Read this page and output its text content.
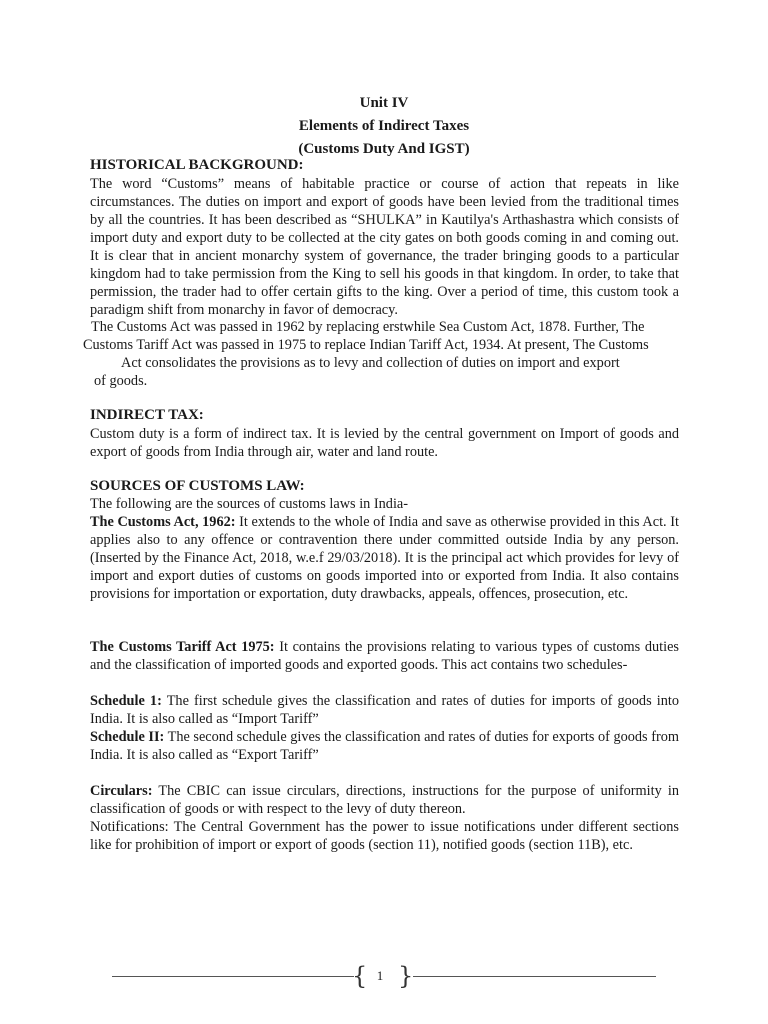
Unit IV
Elements of Indirect Taxes
(Customs Duty And IGST)
HISTORICAL BACKGROUND:
The word “Customs” means of habitable practice or course of action that repeats in like circumstances. The duties on import and export of goods have been levied from the traditional times by all the countries. It has been described as “SHULKA” in Kautilya's Arthashastra which consists of import duty and export duty to be collected at the city gates on both goods coming in and coming out. It is clear that in ancient monarchy system of governance, the trader bringing goods to a particular kingdom had to take permission from the King to sell his goods in that kingdom. In order, to take that permission, the trader had to offer certain gifts to the king. Over a period of time, this custom took a paradigm shift from monarchy in favor of democracy.
The Customs Act was passed in 1962 by replacing erstwhile Sea Custom Act, 1878. Further, The
Customs Tariff Act was passed in 1975 to replace Indian Tariff Act, 1934. At present, The Customs
Act consolidates the provisions as to levy and collection of duties on import and export
of goods.
INDIRECT TAX:
Custom duty is a form of indirect tax. It is levied by the central government on Import of goods and export of goods from India through air, water and land route.
SOURCES OF CUSTOMS LAW:
The following are the sources of customs laws in India-
The Customs Act, 1962: It extends to the whole of India and save as otherwise provided in this Act. It applies also to any offence or contravention there under committed outside India by any person. (Inserted by the Finance Act, 2018, w.e.f 29/03/2018). It is the principal act which provides for levy of import and export duties of customs on goods imported into or exported from India. It also contains provisions for importation or exportation, duty drawbacks, appeals, offences, prosecution, etc.
The Customs Tariff Act 1975: It contains the provisions relating to various types of customs duties and the classification of imported goods and exported goods. This act contains two schedules-
Schedule 1: The first schedule gives the classification and rates of duties for imports of goods into India. It is also called as “Import Tariff”
Schedule II: The second schedule gives the classification and rates of duties for exports of goods from India. It is also called as “Export Tariff”
Circulars: The CBIC can issue circulars, directions, instructions for the purpose of uniformity in classification of goods or with respect to the levy of duty thereon.
Notifications: The Central Government has the power to issue notifications under different sections like for prohibition of import or export of goods (section 11), notified goods (section 11B), etc.
{ }
1
